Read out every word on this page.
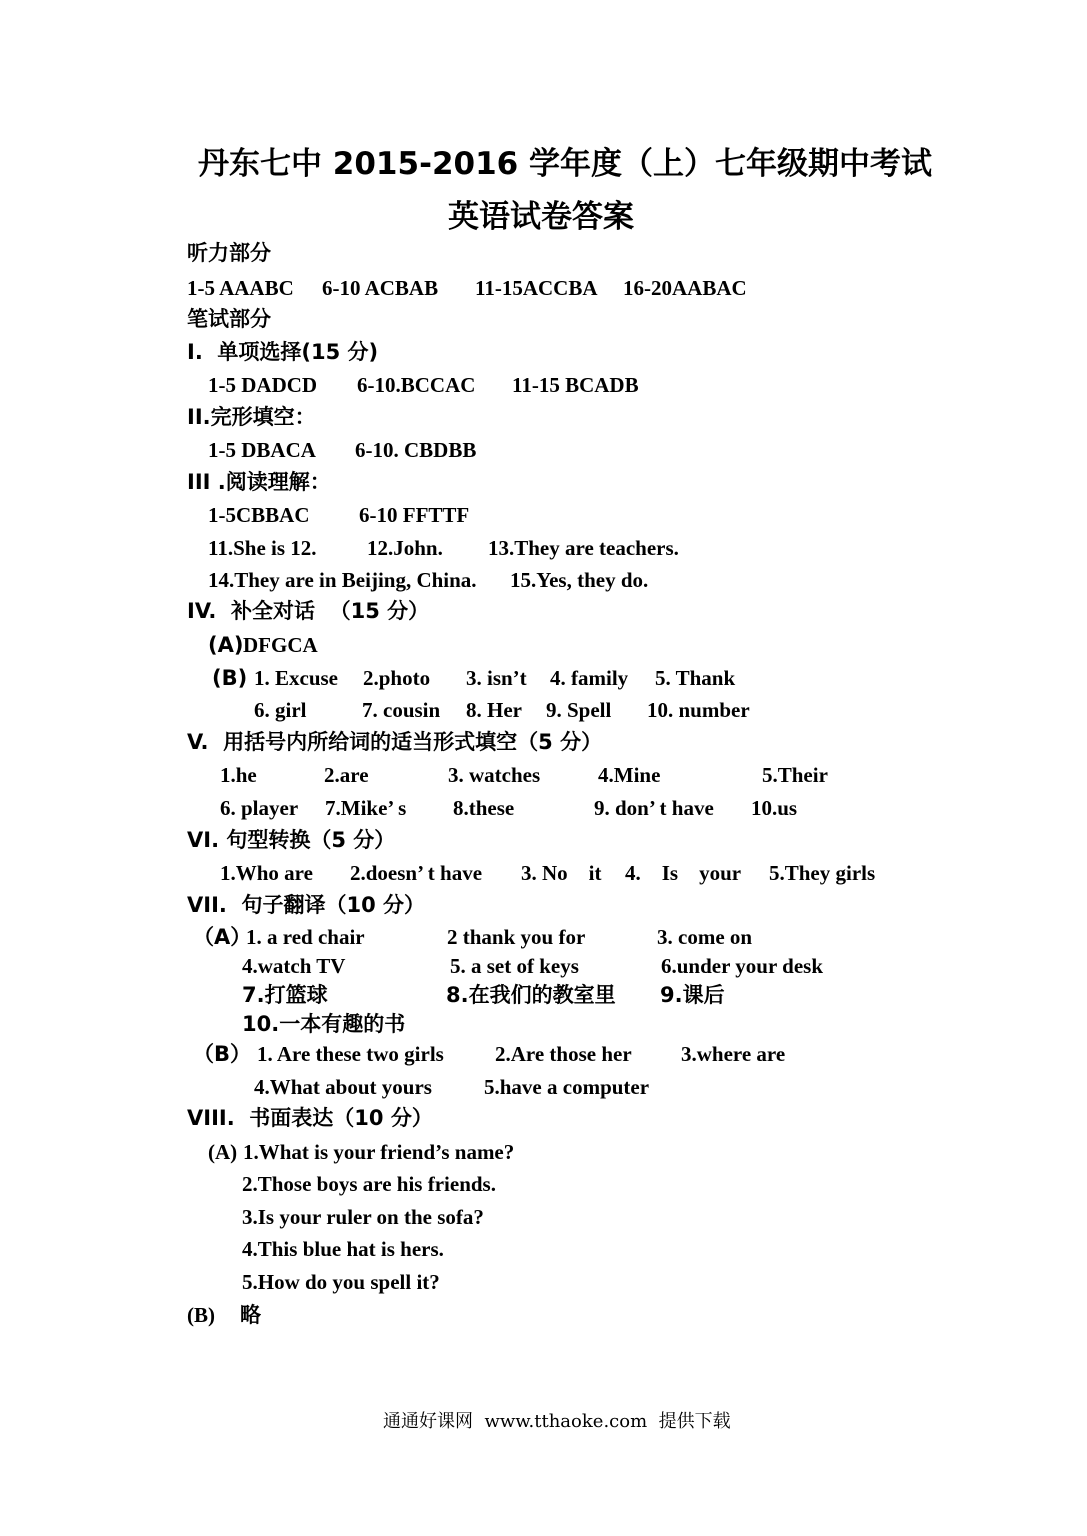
丹东七中 2015-2016 学年度（上）七年级期中考试
英语试卷答案
听力部分
1-5 AAABC 6-10 ACBAB 11-15ACCBA 16-20AABAC
笔试部分
I.  单项选择(15 分)
1-5 DADCD 6-10.BCCAC 11-15 BCADB
II.完形填空：
1-5 DBACA 6-10. CBDBB
III .阅读理解：
1-5CBBAC 6-10 FFTTF
11.She is 12. 12.John. 13.They are teachers.
14.They are in Beijing, China. 15.Yes, they do.
IV.  补全对话  （15 分）
(A) DFGCA
(B) 1. Excuse 2.photo 3. isn’t 4. family 5. Thank
6. girl	7. cousin 8. Her 9. Spell 10. number
V.  用括号内所给词的适当形式填空（5 分）
1.he	2.are	3. watches	4.Mine	5.Their
6. player 7.Mike’ s 8.these	9. don’ t have 10.us
VI. 句型转换（5 分）
1.Who are 2.doesn’ t have 3. No    it 4.    Is    your 5.They girls
VII.  句子翻译（10 分）
（A）
1. a red chair	2 thank you for	3. come on
4.watch TV	5. a set of keys	6.under your desk
7.打篮球	8.在我们的教室里 9.课后
10.一本有趣的书
（B） 1. Are these two girls 2.Are those her 3.where are
4.What about yours 5.have a computer
VIII.  书面表达（10 分）
(A) 1.What is your friend’s name?
2.Those boys are his friends.
3.Is your ruler on the sofa?
4.This blue hat is hers.
5.How do you spell it?
(B) 略
通通好课网  www.tthaoke.com  提供下载
